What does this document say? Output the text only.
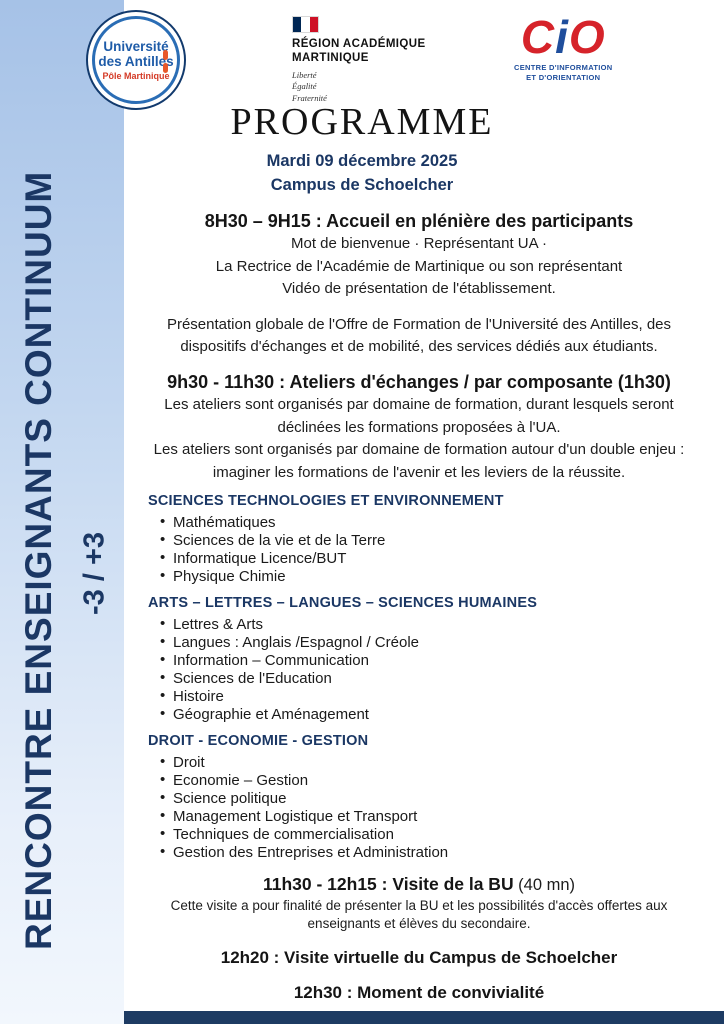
RENCONTRE ENSEIGNANTS CONTINUUM -3 / +3
Université
des Antilles
Pôle Martinique
RÉGION ACADÉMIQUE
MARTINIQUE
Liberté
Égalité
Fraternité
CiO
CENTRE D'INFORMATION
ET D'ORIENTATION
PROGRAMME
Mardi 09 décembre 2025
Campus de Schoelcher
8H30 – 9H15 : Accueil en plénière des participants
Mot de bienvenue · Représentant UA ·
La Rectrice de l'Académie de Martinique ou son représentant
Vidéo de présentation de l'établissement.
Présentation globale de l'Offre de Formation de l'Université des Antilles, des dispositifs d'échanges et de mobilité, des services dédiés aux étudiants.
9h30 - 11h30 : Ateliers d'échanges / par composante (1h30)
Les ateliers sont organisés par domaine de formation, durant lesquels seront déclinées les formations proposées à l'UA.
Les ateliers sont organisés par domaine de formation autour d'un double enjeu : imaginer les formations de l'avenir et les leviers de la réussite.
SCIENCES TECHNOLOGIES ET ENVIRONNEMENT
• Mathématiques
• Sciences de la vie et de la Terre
• Informatique Licence/BUT
• Physique Chimie
ARTS – LETTRES – LANGUES – SCIENCES HUMAINES
• Lettres & Arts
• Langues : Anglais /Espagnol / Créole
• Information – Communication
• Sciences de l'Education
• Histoire
• Géographie et Aménagement
DROIT - ECONOMIE - GESTION
• Droit
• Economie – Gestion
• Science politique
• Management Logistique et Transport
• Techniques de commercialisation
• Gestion des Entreprises et Administration
11h30 - 12h15 : Visite de la BU (40 mn)
Cette visite a pour finalité de présenter la BU et les possibilités d'accès offertes aux enseignants et élèves du secondaire.
12h20 : Visite virtuelle du Campus de Schoelcher
12h30 : Moment de convivialité
